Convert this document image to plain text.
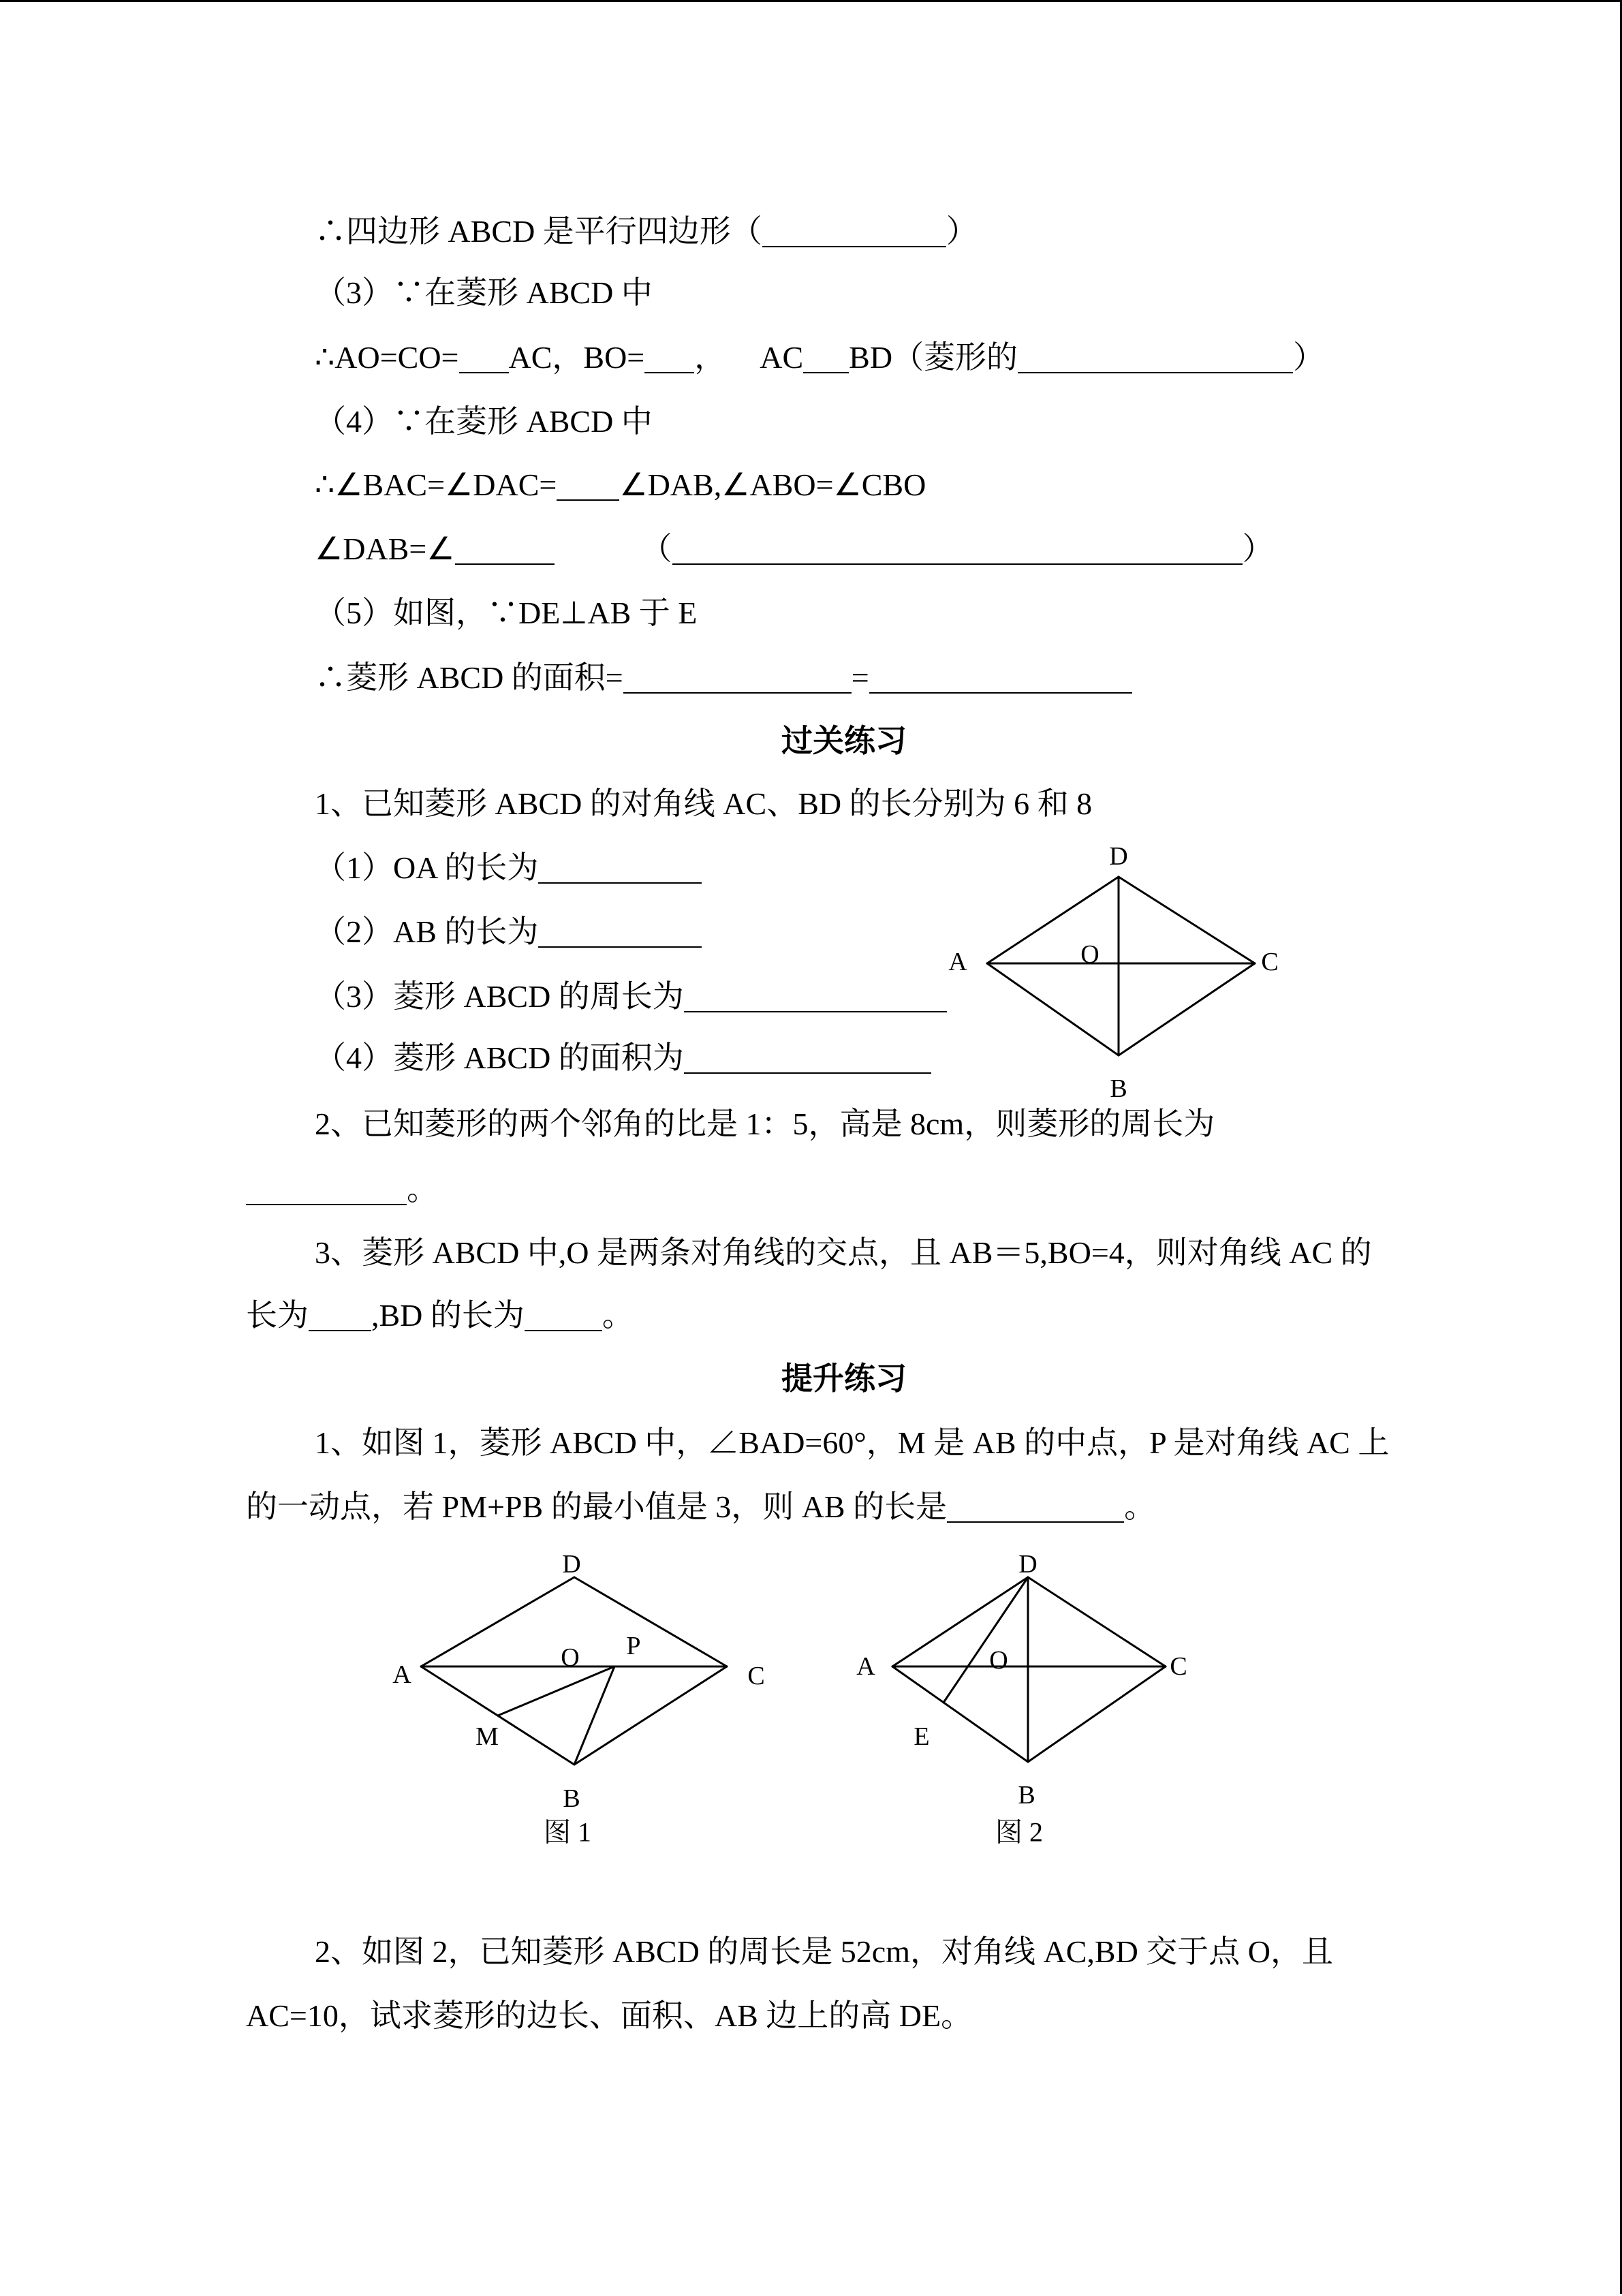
∴四边形 ABCD 是平行四边形（	）
（3）∵在菱形 ABCD 中
∴AO=CO= AC，BO= ， AC BD（菱形的	）
（4）∵在菱形 ABCD 中
∴∠BAC=∠DAC= ∠DAB,∠ABO=∠CBO
∠DAB=∠	（	）
（5）如图，∵DE⊥AB 于 E
∴菱形 ABCD 的面积=	=
过关练习
1、已知菱形 ABCD 的对角线 AC、BD 的长分别为 6 和 8
（1）OA 的长为
（2）AB 的长为
（3）菱形 ABCD 的周长为
（4）菱形 ABCD 的面积为
2、已知菱形的两个邻角的比是 1：5，高是 8cm，则菱形的周长为
。
3、菱形 ABCD 中,O 是两条对角线的交点，且 AB＝5,BO=4，则对角线 AC 的
长为 ,BD 的长为 。
提升练习
1、如图 1，菱形 ABCD 中，∠BAD=60°，M 是 AB 的中点，P 是对角线 AC 上
的一动点，若 PM+PB 的最小值是 3，则 AB 的长是	。
2、如图 2，已知菱形 ABCD 的周长是 52cm，对角线 AC,BD 交于点 O，且
AC=10，试求菱形的边长、面积、AB 边上的高 DE。
D
A	O	C
B
D
A
O P
C
M
B
图 1
D
A	O	C
E
B
图 2
